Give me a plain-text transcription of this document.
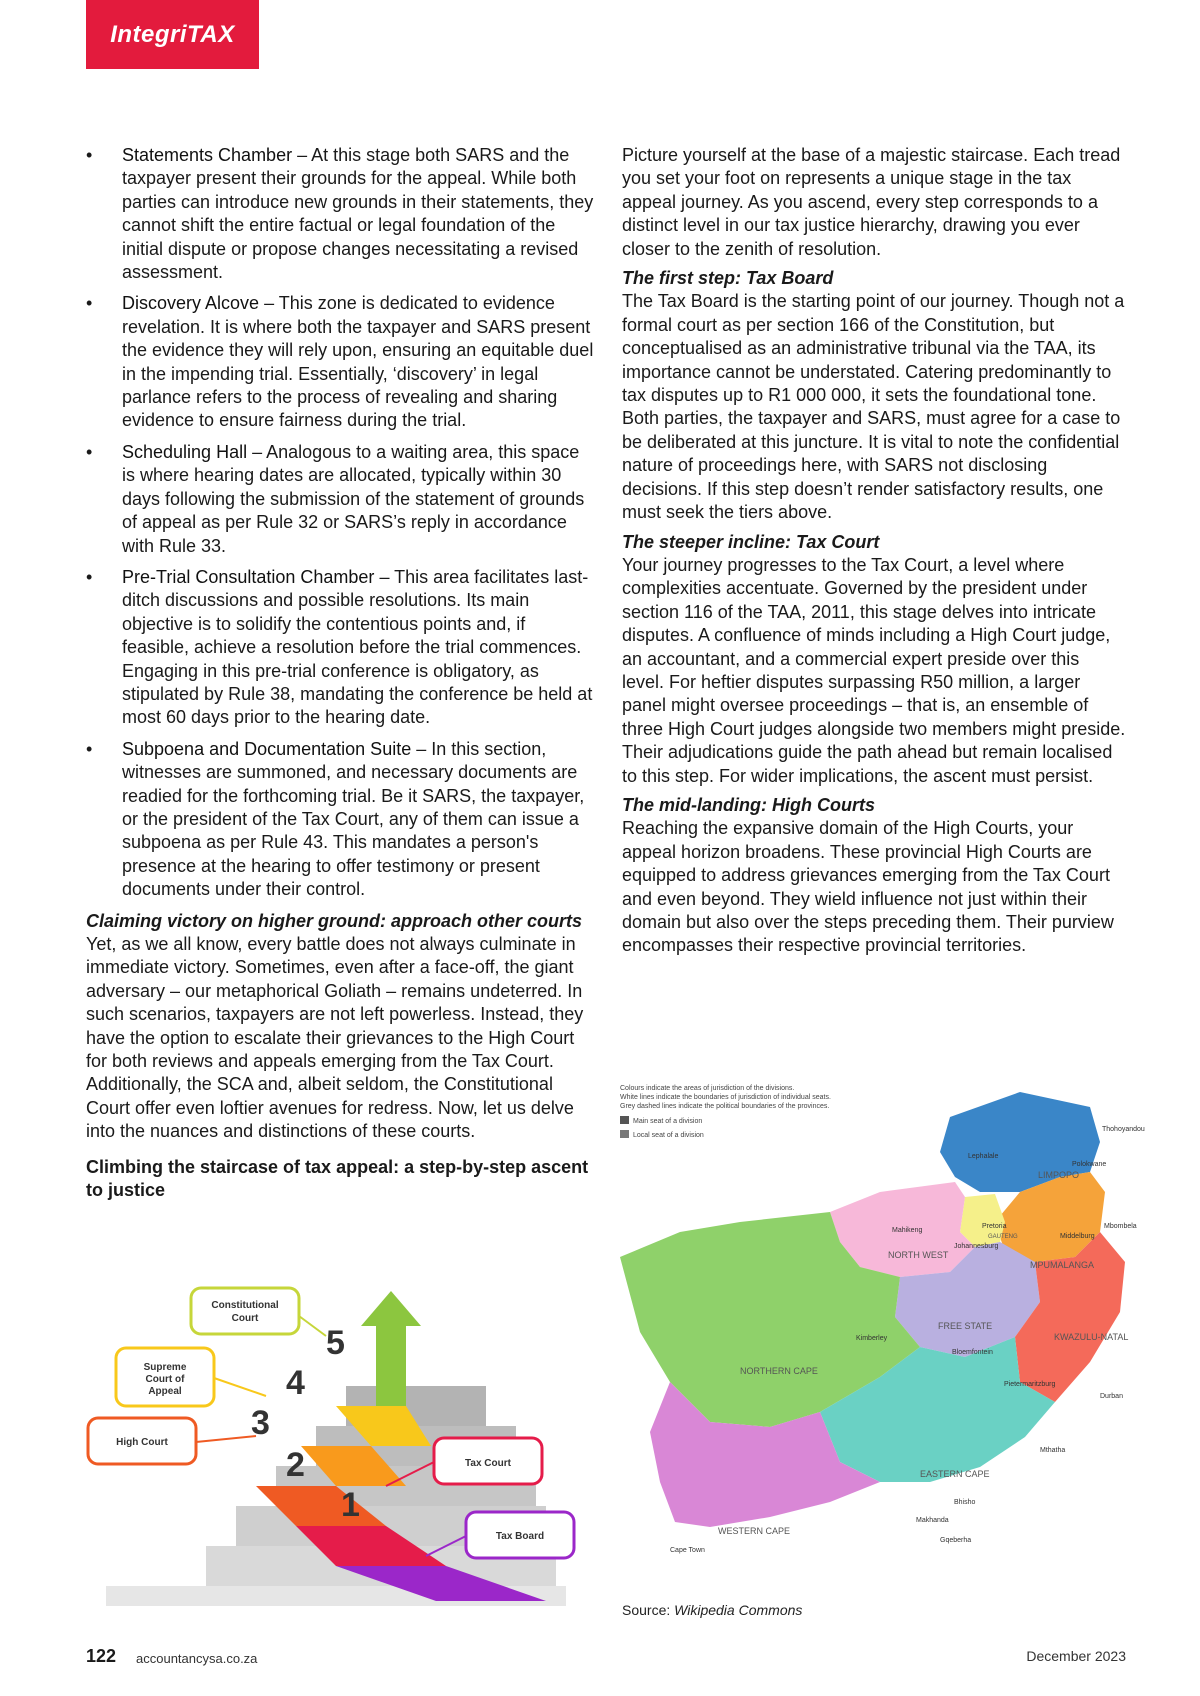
IntegriTAX
• Statements Chamber – At this stage both SARS and the taxpayer present their grounds for the appeal. While both parties can introduce new grounds in their statements, they cannot shift the entire factual or legal foundation of the initial dispute or propose changes necessitating a revised assessment.
• Discovery Alcove – This zone is dedicated to evidence revelation. It is where both the taxpayer and SARS present the evidence they will rely upon, ensuring an equitable duel in the impending trial. Essentially, ‘discovery’ in legal parlance refers to the process of revealing and sharing evidence to ensure fairness during the trial.
• Scheduling Hall – Analogous to a waiting area, this space is where hearing dates are allocated, typically within 30 days following the submission of the statement of grounds of appeal as per Rule 32 or SARS’s reply in accordance with Rule 33.
• Pre-Trial Consultation Chamber – This area facilitates last-ditch discussions and possible resolutions. Its main objective is to solidify the contentious points and, if feasible, achieve a resolution before the trial commences. Engaging in this pre-trial conference is obligatory, as stipulated by Rule 38, mandating the conference be held at most 60 days prior to the hearing date.
• Subpoena and Documentation Suite – In this section, witnesses are summoned, and necessary documents are readied for the forthcoming trial. Be it SARS, the taxpayer, or the president of the Tax Court, any of them can issue a subpoena as per Rule 43. This mandates a person's presence at the hearing to offer testimony or present documents under their control.
Claiming victory on higher ground: approach other courts

Yet, as we all know, every battle does not always culminate in immediate victory. Sometimes, even after a face-off, the giant adversary – our metaphorical Goliath – remains undeterred. In such scenarios, taxpayers are not left powerless. Instead, they have the option to escalate their grievances to the High Court for both reviews and appeals emerging from the Tax Court. Additionally, the SCA and, albeit seldom, the Constitutional Court offer even loftier avenues for redress. Now, let us delve into the nuances and distinctions of these courts.

Climbing the staircase of tax appeal: a step-by-step ascent to justice

Picture yourself at the base of a majestic staircase. Each tread you set your foot on represents a unique stage in the tax appeal journey. As you ascend, every step corresponds to a distinct level in our tax justice hierarchy, drawing you ever closer to the zenith of resolution.

The first step: Tax Board

The Tax Board is the starting point of our journey. Though not a formal court as per section 166 of the Constitution, but conceptualised as an administrative tribunal via the TAA, its importance cannot be understated. Catering predominantly to tax disputes up to R1 000 000, it sets the foundational tone. Both parties, the taxpayer and SARS, must agree for a case to be deliberated at this juncture. It is vital to note the confidential nature of proceedings here, with SARS not disclosing decisions. If this step doesn’t render satisfactory results, one must seek the tiers above.

The steeper incline: Tax Court

Your journey progresses to the Tax Court, a level where complexities accentuate. Governed by the president under section 116 of the TAA, 2011, this stage delves into intricate disputes. A confluence of minds including a High Court judge, an accountant, and a commercial expert preside over this level. For heftier disputes surpassing R50 million, a larger panel might oversee proceedings – that is, an ensemble of three High Court judges alongside two members might preside. Their adjudications guide the path ahead but remain localised to this step. For wider implications, the ascent must persist.

The mid-landing: High Courts

Reaching the expansive domain of the High Courts, your appeal horizon broadens. These provincial High Courts are equipped to address grievances emerging from the Tax Court and even beyond. They wield influence not just within their domain but also over the steps preceding them. Their purview encompasses their respective provincial territories.

5
4
3
2
1
Constitutional Court
Supreme Court of Appeal
High Court
Tax Court
Tax Board
Colours indicate the areas of jurisdiction of the divisions. White lines indicate the boundaries of jurisdiction of individual seats. Grey dashed lines indicate the political boundaries of the provinces.
Main seat of a division
Local seat of a division
LIMPOPO
NORTH WEST
GAUTENG
MPUMALANGA
FREE STATE
KWAZULU-NATAL
NORTHERN CAPE
EASTERN CAPE
WESTERN CAPE
Thohoyandou
Lephalale
Polokwane
Mbombela
Middelburg
Pretoria
Mahikeng
Johannesburg
Kimberley
Bloemfontein
Pietermaritzburg
Durban
Mthatha
Bhisho
Makhanda
Gqeberha
Cape Town
Source: Wikipedia Commons
122 accountancysa.co.za	December 2023
